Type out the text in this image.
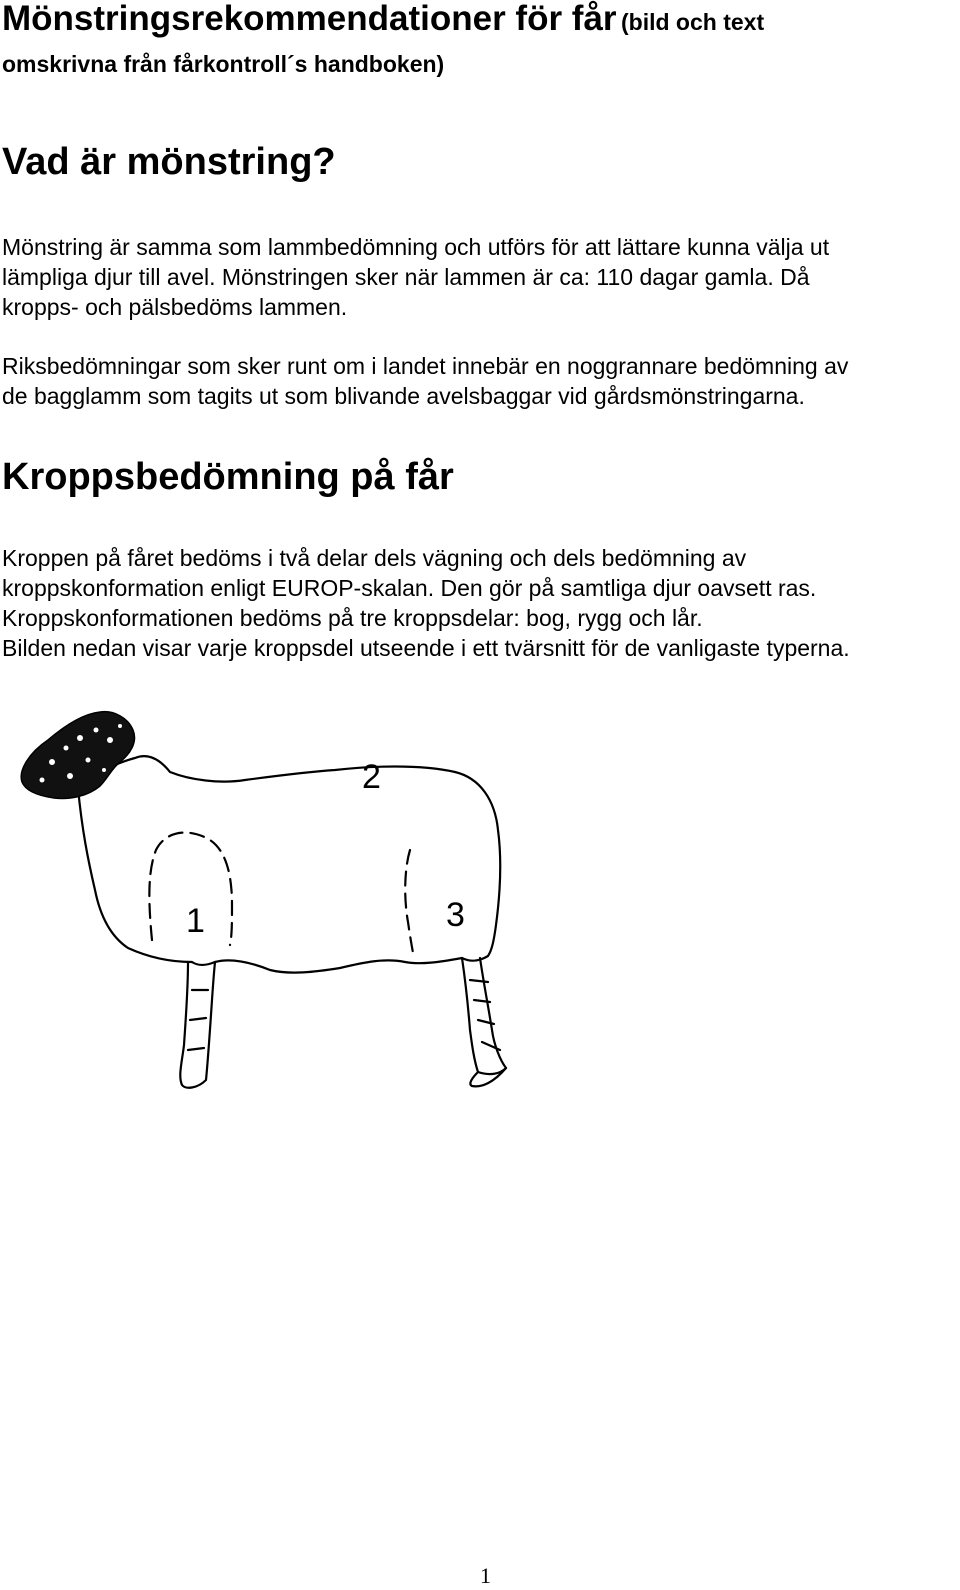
Mönstringsrekommendationer för får (bild och text
omskrivna från fårkontroll´s handboken)
Vad är mönstring?

Mönstring är samma som lammbedömning och utförs för att lättare kunna välja ut
lämpliga djur till avel. Mönstringen sker när lammen är ca: 110 dagar gamla. Då
kropps- och pälsbedöms lammen.

Riksbedömningar som sker runt om i landet innebär en noggrannare bedömning av
de bagglamm som tagits ut som blivande avelsbaggar vid gårdsmönstringarna.

Kroppsbedömning på får

Kroppen på fåret bedöms i två delar dels vägning och dels bedömning av
kroppskonformation enligt EUROP-skalan. Den gör på samtliga djur oavsett ras.
Kroppskonformationen bedöms på tre kroppsdelar: bog, rygg och lår.
Bilden nedan visar varje kroppsdel utseende i ett tvärsnitt för de vanligaste typerna.

1
2
3
1
